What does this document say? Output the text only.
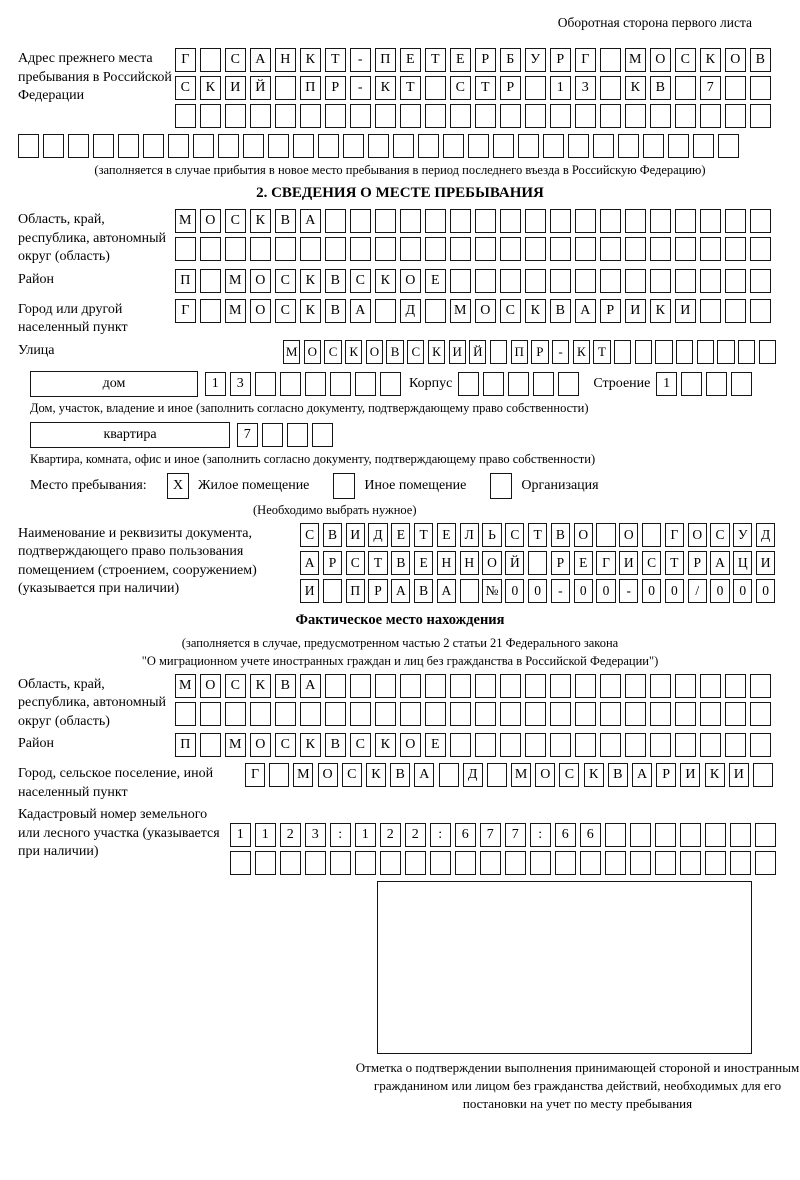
Оборотная сторона первого листа
Адрес прежнего места пребывания в Российской Федерации
Г	С	А	Н	К	Т	-	П	Е	Т	Е	Р	Б	У	Р	Г	М О	С	К	О	В
С	К	И	Й	П	Р	-	К	Т	С	Т	Р	1	3	К	В	7
(заполняется в случае прибытия в новое место пребывания в период последнего въезда в Российскую Федерацию)
2. СВЕДЕНИЯ О МЕСТЕ ПРЕБЫВАНИЯ
Область, край, республика, автономный округ (область)
М О	С	К	В	А
Район	П	М О	С	К	В	С	К	О	Е
Город или другой населенный пункт
Г	М О	С	К	В	А	Д	М О	С	К	В	А	Р	И	К	И
Улица	М О С К О В С К И Й	П Р	-	К Т
дом	1	3	Корпус	Строение 1
Дом, участок, владение и иное (заполнить согласно документу, подтверждающему право собственности)
квартира	7
Квартира, комната, офис и иное (заполнить согласно документу, подтверждающему право собственности)
Место пребывания:	X	Жилое помещение	Иное помещение	Организация
(Необходимо выбрать нужное)
Наименование и реквизиты документа, подтверждающего право пользования помещением (строением, сооружением) (указывается при наличии)
С	В И Д	Е	Т	Е	Л	Ь	С	Т	В О	О	Г	О С	У Д
А	Р	С	Т	В	Е	Н Н О Й	Р	Е	Г	И С	Т	Р	А Ц И
И	П	Р	А В А	№ 0	0	-	0	0	-	0	0	/	0	0	0
Фактическое место нахождения
(заполняется в случае, предусмотренном частью 2 статьи 21 Федерального закона
"О миграционном учете иностранных граждан и лиц без гражданства в Российской Федерации")
Область, край, республика, автономный округ (область)
М О	С	К	В	А
Район	П	М О	С	К	В	С	К	О	Е
Город, сельское поселение, иной населенный пункт
Г	М О	С	К	В	А	Д	М О	С	К	В	А	Р	И	К	И
Кадастровый номер земельного или лесного участка (указывается при наличии)
1	1	2	3	:	1	2	2	:	6	7	7	:	6	6
Отметка о подтверждении выполнения принимающей стороной и иностранным гражданином или лицом без гражданства действий, необходимых для его постановки на учет по месту пребывания
